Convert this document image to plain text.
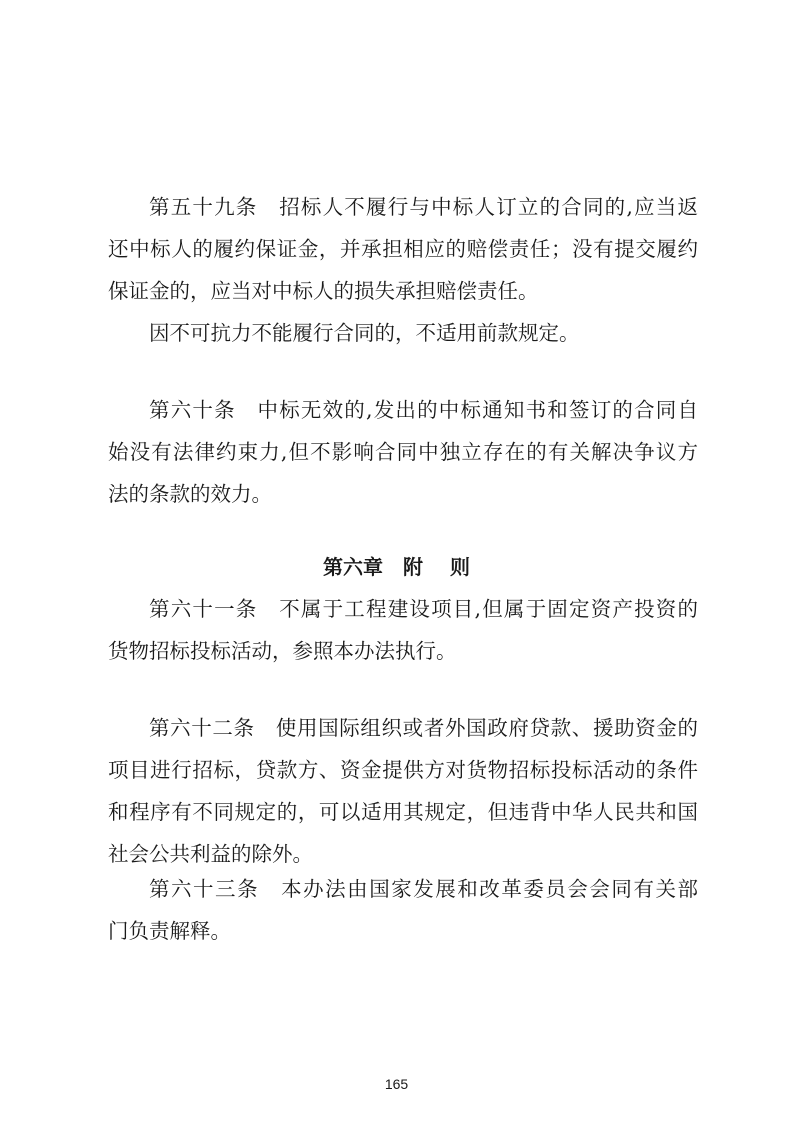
第五十九条　招标人不履行与中标人订立的合同的,应当返
还中标人的履约保证金，并承担相应的赔偿责任；没有提交履约
保证金的，应当对中标人的损失承担赔偿责任。
因不可抗力不能履行合同的，不适用前款规定。
第六十条　中标无效的,发出的中标通知书和签订的合同自
始没有法律约束力,但不影响合同中独立存在的有关解决争议方
法的条款的效力。
第六章　附　 则
第六十一条　不属于工程建设项目,但属于固定资产投资的
货物招标投标活动，参照本办法执行。
第六十二条　使用国际组织或者外国政府贷款、援助资金的
项目进行招标，贷款方、资金提供方对货物招标投标活动的条件
和程序有不同规定的，可以适用其规定，但违背中华人民共和国
社会公共利益的除外。
第六十三条　本办法由国家发展和改革委员会会同有关部
门负责解释。
165
